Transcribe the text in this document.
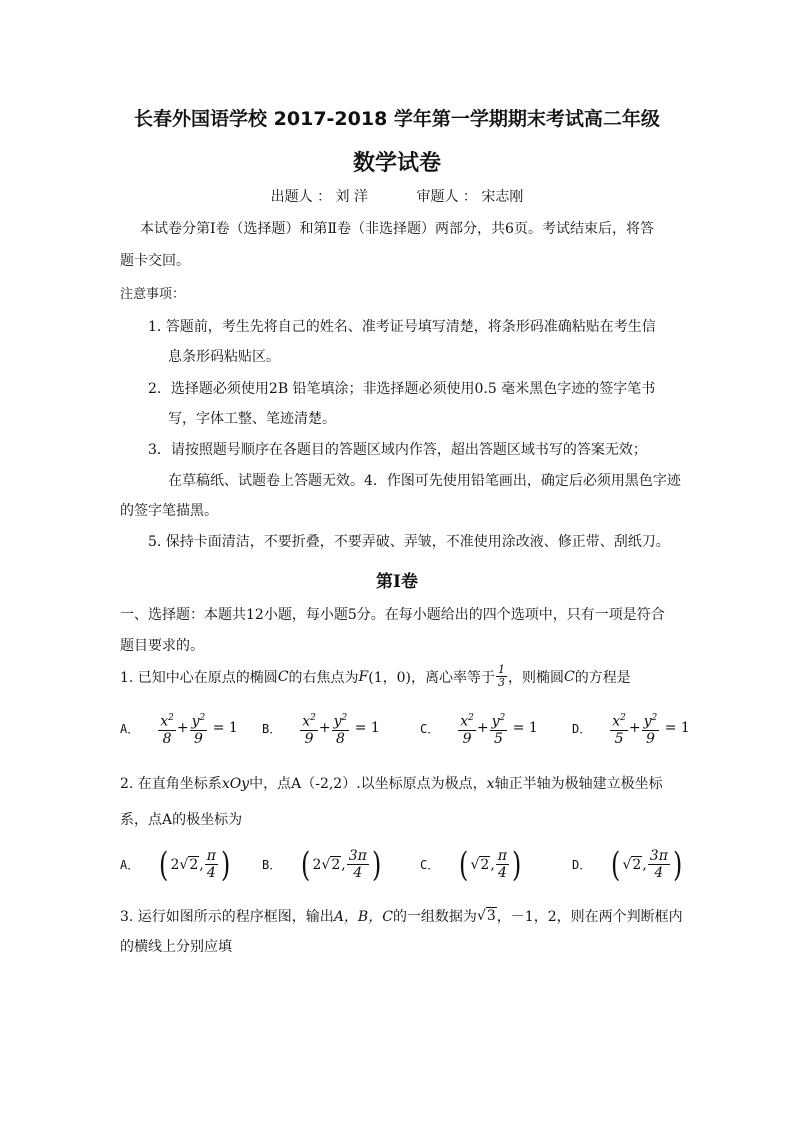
长春外国语学校 2017-2018 学年第一学期期末考试高二年级
数学试卷
出题人 ： 刘 洋	审题人 ： 宋志刚
本试卷分第Ⅰ卷（选择题）和第Ⅱ卷（非选择题）两部分，共6页。考试结束后，将答
题卡交回。
注意事项：
1. 答题前，考生先将自己的姓名、准考证号填写清楚，将条形码准确粘贴在考生信
息条形码粘贴区。
2．选择题必须使用2B 铅笔填涂；非选择题必须使用0.5 毫米黑色字迹的签字笔书
写，字体工整、笔迹清楚。
3．请按照题号顺序在各题目的答题区域内作答，超出答题区域书写的答案无效；
在草稿纸、试题卷上答题无效。4．作图可先使用铅笔画出，确定后必须用黑色字迹
的签字笔描黑。
5. 保持卡面清洁，不要折叠，不要弄破、弄皱，不准使用涂改液、修正带、刮纸刀。
第Ⅰ卷
一、选择题：本题共12小题，每小题5分。在每小题给出的四个选项中，只有一项是符合
题目要求的。
1. 已知中心在原点的椭圆 C 的右焦点为 F (1，0)，离心率等于 $\frac{1}{3}$ ，则椭圆 C 的方程是
A． $\frac{x^2}{8} + \frac{y^2}{9}$
= 1 B． $\frac{x^2}{9} + \frac{y^2}{8}$
= 1	C． $\frac{x^2}{9} + \frac{y^2}{5}$
= 1	D． $\frac{x^2}{5} + \frac{y^2}{9}$
= 1
2. 在直角坐标系xOy中，点A（-2,2）.以坐标原点为极点，x轴正半轴为极轴建立极坐标
系，点A的极坐标为
A． ( 2 √2 , $\frac{\pi}{4}$ )	B． ( 2 √2 , $\frac{3\pi}{4}$ )	C． ( √2 , $\frac{\pi}{4}$ )	D． ( √2 , $\frac{3\pi}{4}$ )
3. 运行如图所示的程序框图，输出 A，B，C 的一组数据为 √3 ，－1，2，则在两个判断框内
的横线上分别应填
